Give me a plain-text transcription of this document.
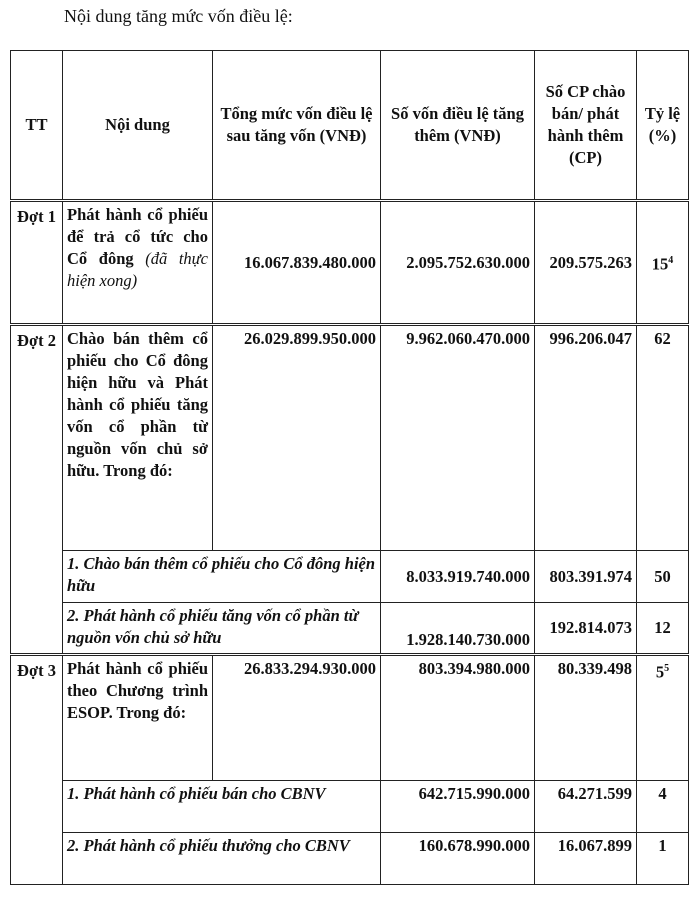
Nội dung tăng mức vốn điều lệ:
TT	Nội dung	Tổng mức vốn điều lệ sau tăng vốn (VNĐ)	Số vốn điều lệ tăng thêm (VNĐ)	Số CP chào bán/ phát hành thêm (CP)	Tỷ lệ (%)
Đợt 1	Phát hành cổ phiếu để trả cổ tức cho Cổ đông (đã thực hiện xong)	16.067.839.480.000	2.095.752.630.000	209.575.263	$15^4$
Đợt 2	Chào bán thêm cổ phiếu cho Cổ đông hiện hữu và Phát hành cổ phiếu tăng vốn cổ phần từ nguồn vốn chủ sở hữu. Trong đó:	26.029.899.950.000	9.962.060.470.000	996.206.047	62
	1. Chào bán thêm cổ phiếu cho Cổ đông hiện hữu		8.033.919.740.000	803.391.974	50
	2. Phát hành cổ phiếu tăng vốn cổ phần từ nguồn vốn chủ sở hữu		1.928.140.730.000	192.814.073	12
Đợt 3	Phát hành cổ phiếu theo Chương trình ESOP. Trong đó:	26.833.294.930.000	803.394.980.000	80.339.498	$5^5$
	1. Phát hành cổ phiếu bán cho CBNV		642.715.990.000	64.271.599	4
	2. Phát hành cổ phiếu thưởng cho CBNV		160.678.990.000	16.067.899	1
